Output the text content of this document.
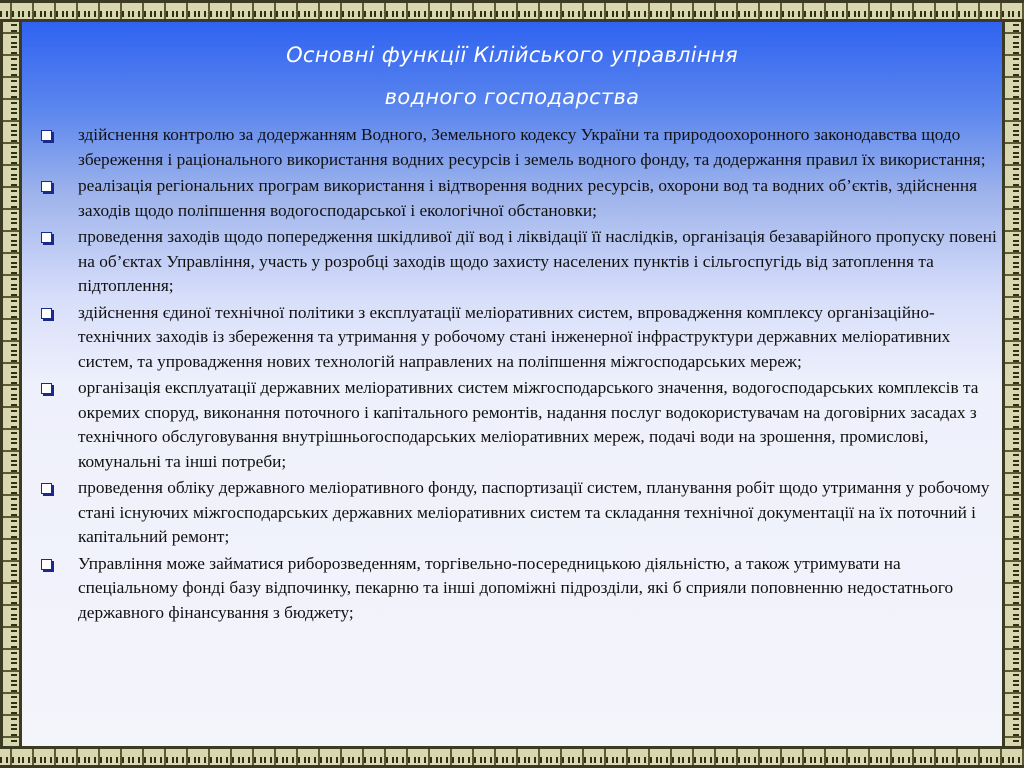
Основні функції Кілійського управління
водного господарства
здійснення контролю за додержанням Водного, Земельного кодексу України та природоохоронного законодавства щодо збереження і раціонального використання водних ресурсів і земель водного фонду, та додержання правил їх використання;
реалізація регіональних програм використання і відтворення водних ресурсів, охорони вод та водних об’єктів, здійснення заходів щодо поліпшення водогосподарської і екологічної обстановки;
проведення заходів щодо попередження шкідливої дії вод і ліквідації її наслідків, організація безаварійного пропуску повені на об’єктах Управління, участь у розробці заходів щодо захисту населених пунктів і сільгоспугідь від затоплення та підтоплення;
здійснення єдиної технічної політики з експлуатації меліоративних систем, впровадження комплексу організаційно-технічних заходів із збереження та утримання у робочому стані інженерної інфраструктури державних меліоративних систем, та упровадження нових технологій направлених на поліпшення міжгосподарських мереж;
організація експлуатації державних меліоративних систем міжгосподарського значення, водогосподарських комплексів та окремих споруд, виконання поточного і капітального ремонтів, надання послуг водокористувачам на договірних засадах з технічного обслуговування внутрішньогосподарських меліоративних мереж, подачі води на зрошення, промислові, комунальні та інші потреби;
проведення обліку державного меліоративного фонду, паспортизації систем, планування робіт щодо утримання у робочому стані існуючих міжгосподарських державних меліоративних систем та складання технічної документації на їх поточний і капітальний ремонт;
Управління може займатися риборозведенням, торгівельно-посередницькою діяльністю, а також утримувати на спеціальному фонді базу відпочинку, пекарню та інші допоміжні підрозділи, які б сприяли поповненню недостатнього державного фінансування з бюджету;
